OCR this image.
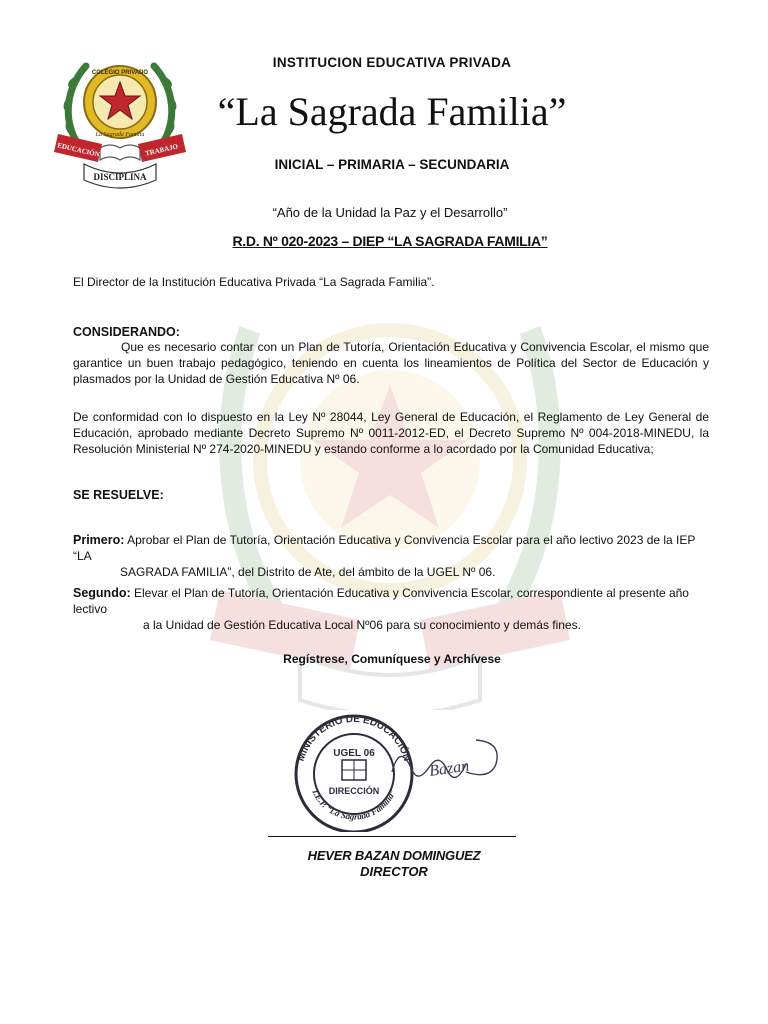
COLEGIO PRIVADO
La Sagrada Familia
EDUCACIÓN	TRABAJO
DISCIPLINA
INSTITUCION EDUCATIVA PRIVADA
“La Sagrada Familia”
INICIAL – PRIMARIA – SECUNDARIA
“Año de la Unidad la Paz y el Desarrollo”
R.D. Nº 020-2023 – DIEP “LA SAGRADA FAMILIA”
El Director de la Institución Educativa Privada “La Sagrada Familia”.
CONSIDERANDO:
Que es necesario contar con un Plan de Tutoría, Orientación Educativa y Convivencia Escolar, el mismo que garantice un buen trabajo pedagógico, teniendo en cuenta los lineamientos de Política del Sector de Educación y plasmados por la Unidad de Gestión Educativa Nº 06.
De conformidad con lo dispuesto en la Ley Nº 28044, Ley General de Educación, el Reglamento de Ley General de Educación, aprobado mediante Decreto Supremo Nº 0011-2012-ED, el Decreto Supremo Nº 004-2018-MINEDU, la Resolución Ministerial Nº 274-2020-MINEDU y estando conforme a lo acordado por la Comunidad Educativa;
SE RESUELVE:
Primero: Aprobar el Plan de Tutoría, Orientación Educativa y Convivencia Escolar para el año lectivo 2023 de la IEP “LA
SAGRADA FAMILIA”, del Distrito de Ate, del ámbito de la UGEL Nº 06.
Segundo: Elevar el Plan de Tutoría, Orientación Educativa y Convivencia Escolar, correspondiente al presente año lectivo
a la Unidad de Gestión Educativa Local Nº06 para su conocimiento y demás fines.
Regístrese, Comuníquese y Archívese
MINISTERIO DE EDUCACIÓN
I.E.P. “La Sagrada Familia”
UGEL 06
DIRECCIÓN
Bazan
HEVER BAZAN DOMINGUEZ
DIRECTOR
